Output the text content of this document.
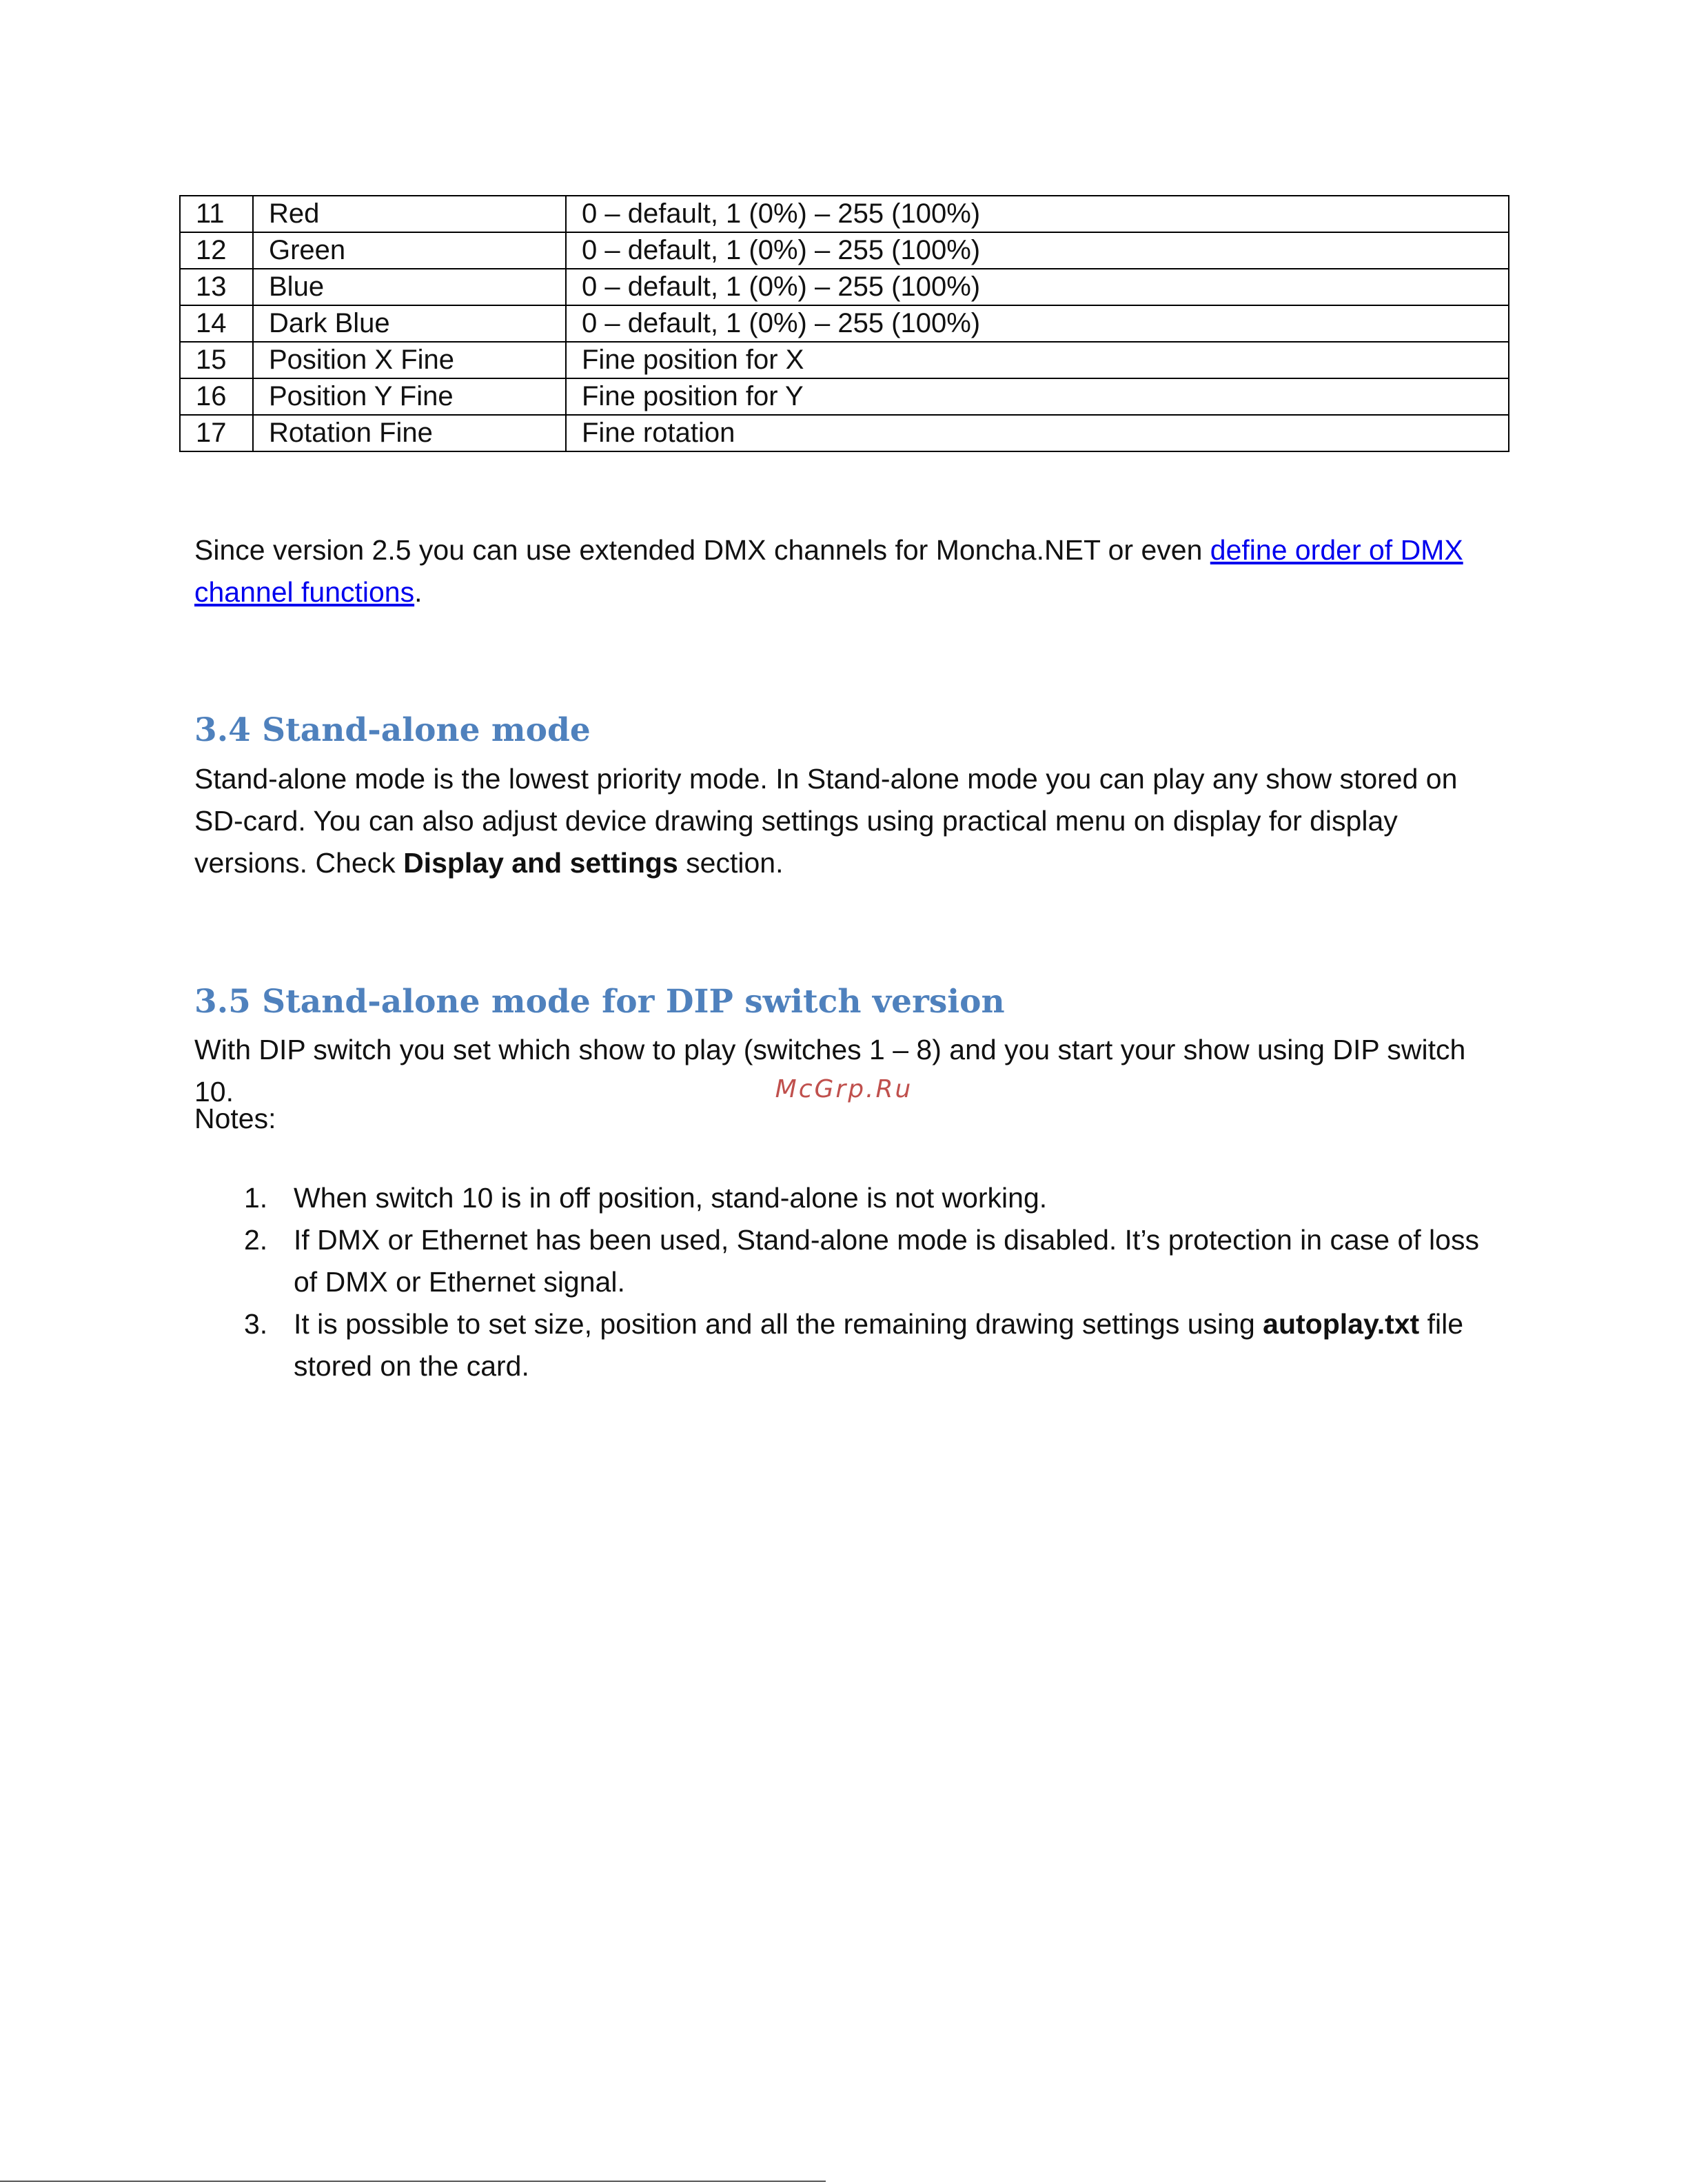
11	Red	0 – default, 1 (0%) – 255 (100%)
12	Green	0 – default, 1 (0%) – 255 (100%)
13	Blue	0 – default, 1 (0%) – 255 (100%)
14	Dark Blue	0 – default, 1 (0%) – 255 (100%)
15	Position X Fine	Fine position for X
16	Position Y Fine	Fine position for Y
17	Rotation Fine	Fine rotation

Since version 2.5 you can use extended DMX channels for Moncha.NET or even define order of DMX channel functions.

3.4 Stand-alone mode

Stand-alone mode is the lowest priority mode. In Stand-alone mode you can play any show stored on SD-card. You can also adjust device drawing settings using practical menu on display for display versions. Check Display and settings section.

3.5 Stand-alone mode for DIP switch version

With DIP switch you set which show to play (switches 1 – 8) and you start your show using DIP switch 10.	McGrp.Ru

Notes:

1. When switch 10 is in off position, stand-alone is not working.
2. If DMX or Ethernet has been used, Stand-alone mode is disabled. It’s protection in case of loss of DMX or Ethernet signal.
3. It is possible to set size, position and all the remaining drawing settings using autoplay.txt file stored on the card.
